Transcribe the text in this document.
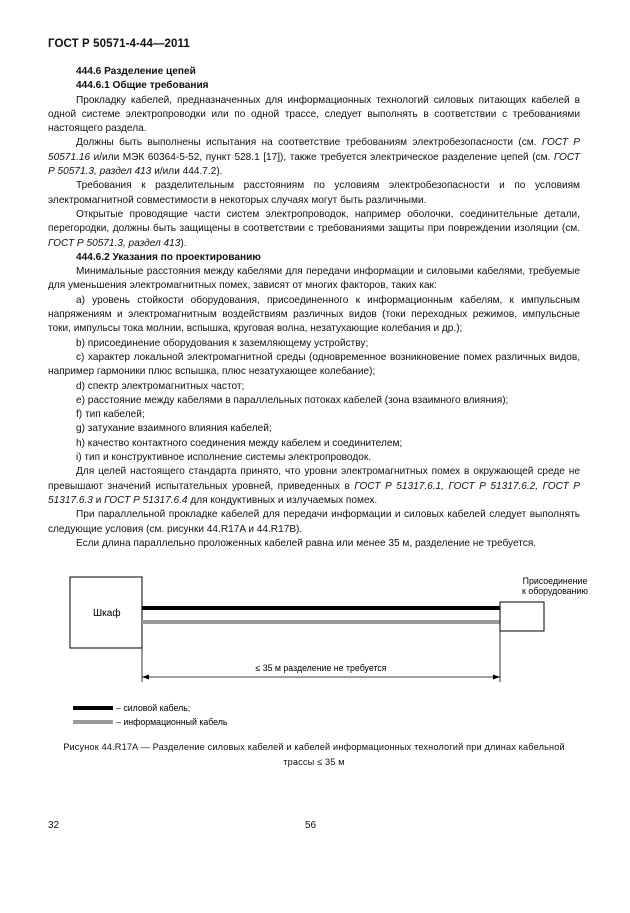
ГОСТ Р 50571-4-44—2011

444.6 Разделение цепей

444.6.1 Общие требования

Прокладку кабелей, предназначенных для информационных технологий силовых питающих кабелей в одной системе электропроводки или по одной трассе, следует выполнять в соответствии с требованиями настоящего раздела.

Должны быть выполнены испытания на соответствие требованиям электробезопасности (см. ГОСТ Р 50571.16 и/или МЭК 60364-5-52, пункт 528.1 [17]), также требуется электрическое разделение цепей (см. ГОСТ Р 50571.3, раздел 413 и/или 444.7.2).

Требования к разделительным расстояниям по условиям электробезопасности и по условиям электромагнитной совместимости в некоторых случаях могут быть различными.

Открытые проводящие части систем электропроводок, например оболочки, соединительные детали, перегородки, должны быть защищены в соответствии с требованиями защиты при повреждении изоляции (см. ГОСТ Р 50571.3, раздел 413).

444.6.2 Указания по проектированию

Минимальные расстояния между кабелями для передачи информации и силовыми кабелями, требуемые для уменьшения электромагнитных помех, зависят от многих факторов, таких как:

a) уровень стойкости оборудования, присоединенного к информационным кабелям, к импульсным напряжениям и электромагнитным воздействиям различных видов (токи переходных режимов, импульсные токи, импульсы тока молнии, вспышка, круговая волна, незатухающие колебания и др.);

b) присоединение оборудования к заземляющему устройству;

c) характер локальной электромагнитной среды (одновременное возникновение помех различных видов, например гармоники плюс вспышка, плюс незатухающее колебание);

d) спектр электромагнитных частот;

e) расстояние между кабелями в параллельных потоках кабелей (зона взаимного влияния);

f) тип кабелей;

g) затухание взаимного влияния кабелей;

h) качество контактного соединения между кабелем и соединителем;

i) тип и конструктивное исполнение системы электропроводок.

Для целей настоящего стандарта принято, что уровни электромагнитных помех в окружающей среде не превышают значений испытательных уровней, приведенных в ГОСТ Р 51317.6.1, ГОСТ Р 51317.6.2, ГОСТ Р 51317.6.3 и ГОСТ Р 51317.6.4 для кондуктивных и излучаемых помех.

При параллельной прокладке кабелей для передачи информации и силовых кабелей следует выполнять следующие условия (см. рисунки 44.R17A и 44.R17B).

Если длина параллельно проложенных кабелей равна или менее 35 м, разделение не требуется.

Шкаф
Присоединение
к оборудованию
≤ 35 м разделение не требуется
– силовой кабель;
– информационный кабель
Рисунок 44.R17A — Разделение силовых кабелей и кабелей информационных технологий при длинах кабельной
трассы ≤ 35 м
32	56
